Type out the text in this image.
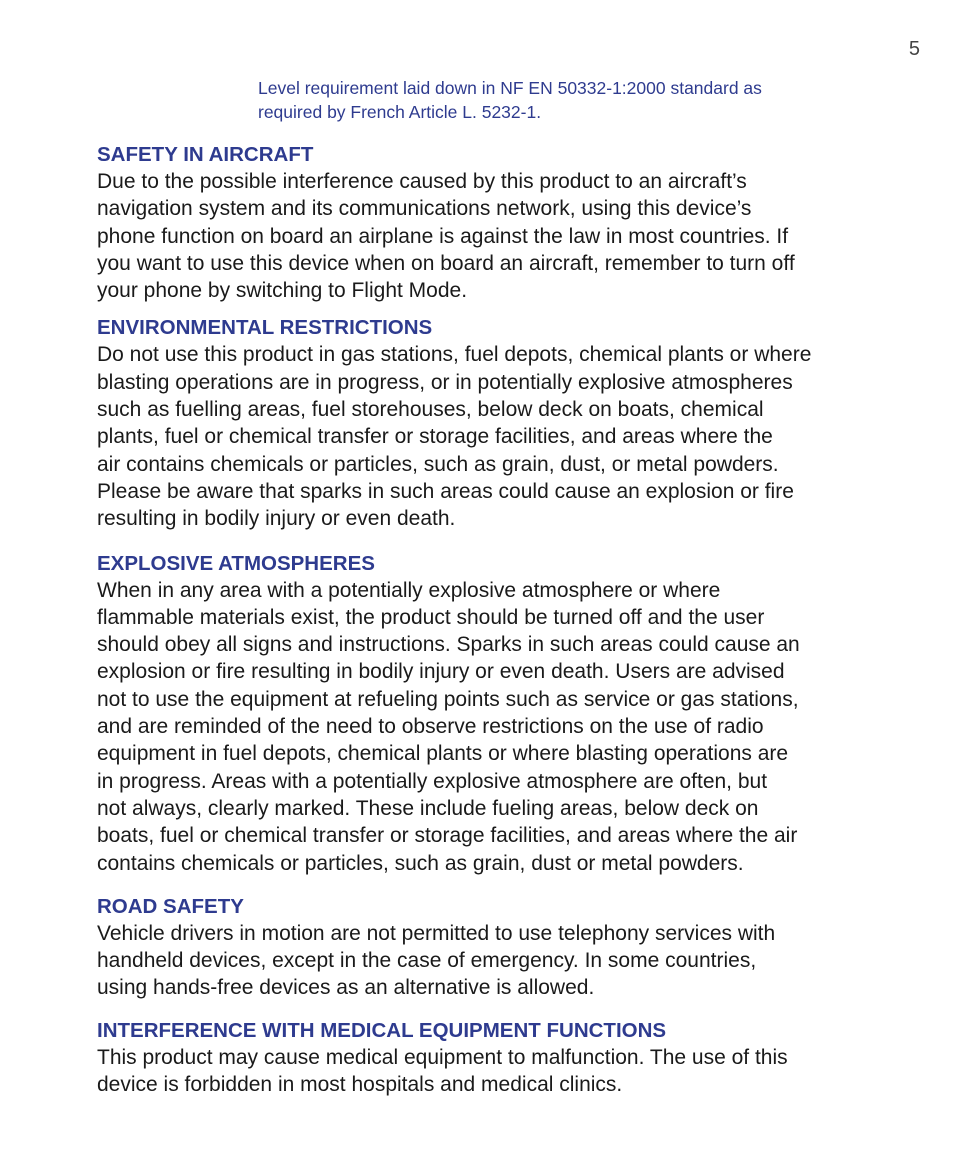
5
Level requirement laid down in NF EN 50332-1:2000 standard as
required by French Article L. 5232-1.
SAFETY IN AIRCRAFT

Due to the possible interference caused by this product to an aircraft’s
navigation system and its communications network, using this device’s
phone function on board an airplane is against the law in most countries. If
you want to use this device when on board an aircraft, remember to turn off
your phone by switching to Flight Mode.

ENVIRONMENTAL RESTRICTIONS

Do not use this product in gas stations, fuel depots, chemical plants or where
blasting operations are in progress, or in potentially explosive atmospheres
such as fuelling areas, fuel storehouses, below deck on boats, chemical
plants, fuel or chemical transfer or storage facilities, and areas where the
air contains chemicals or particles, such as grain, dust, or metal powders.
Please be aware that sparks in such areas could cause an explosion or fire
resulting in bodily injury or even death.

EXPLOSIVE ATMOSPHERES

When in any area with a potentially explosive atmosphere or where
flammable materials exist, the product should be turned off and the user
should obey all signs and instructions. Sparks in such areas could cause an
explosion or fire resulting in bodily injury or even death. Users are advised
not to use the equipment at refueling points such as service or gas stations,
and are reminded of the need to observe restrictions on the use of radio
equipment in fuel depots, chemical plants or where blasting operations are
in progress. Areas with a potentially explosive atmosphere are often, but
not always, clearly marked. These include fueling areas, below deck on
boats, fuel or chemical transfer or storage facilities, and areas where the air
contains chemicals or particles, such as grain, dust or metal powders.

ROAD SAFETY

Vehicle drivers in motion are not permitted to use telephony services with
handheld devices, except in the case of emergency. In some countries,
using hands-free devices as an alternative is allowed.

INTERFERENCE WITH MEDICAL EQUIPMENT FUNCTIONS

This product may cause medical equipment to malfunction. The use of this
device is forbidden in most hospitals and medical clinics.
